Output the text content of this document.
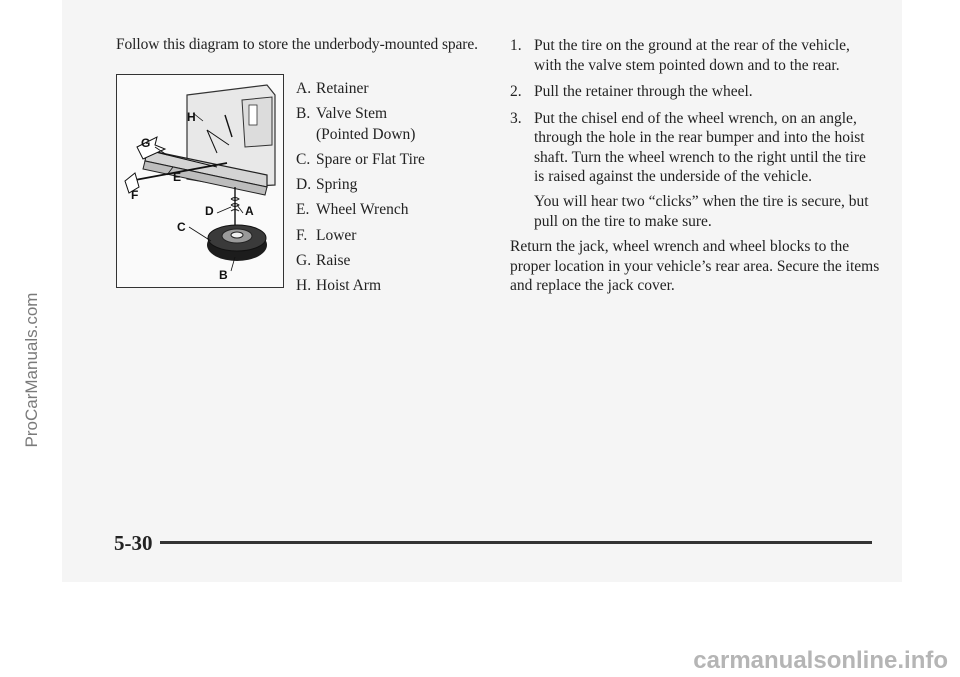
Follow this diagram to store the underbody-mounted spare.
H
G
E
F
D	A
C
B
A. Retainer
B. Valve Stem
(Pointed Down)
C. Spare or Flat Tire
D. Spring
E. Wheel Wrench
F. Lower
G. Raise
H. Hoist Arm
1. Put the tire on the ground at the rear of the vehicle, with the valve stem pointed down and to the rear.
2. Pull the retainer through the wheel.
3. Put the chisel end of the wheel wrench, on an angle, through the hole in the rear bumper and into the hoist shaft. Turn the wheel wrench to the right until the tire is raised against the underside of the vehicle.
You will hear two “clicks” when the tire is secure, but pull on the tire to make sure.
Return the jack, wheel wrench and wheel blocks to the proper location in your vehicle’s rear area. Secure the items and replace the jack cover.
5-30
ProCarManuals.com
carmanualsonline.info
